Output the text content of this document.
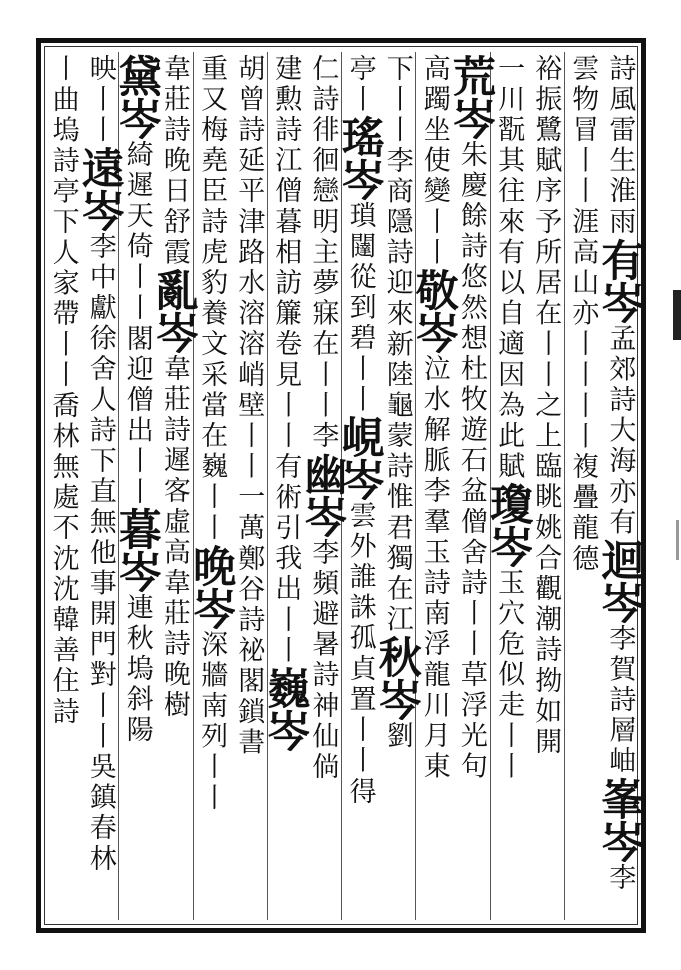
詩風雷生淮雨
有岑
孟郊詩大海亦有
迴岑
李賀詩層岫
峯岑
李
雲物冒丨丨
涯高山亦丨丨
丨丨複疊龍
德
裕振鷺賦序予所居在丨丨之上臨
眺
姚合觀潮詩拗如開
一川翫其往來有以自適因為此賦
瓊岑
玉穴危似走丨丨
荒岑
朱慶餘詩悠然想
杜牧遊石盆僧舍詩丨丨草浮光句
高躅坐使變丨丨
敬岑
泣水解脈李羣玉詩南浮龍川月東
下丨丨
李商隱詩迎來新
陸龜蒙詩惟君獨在江
秋岑
劉
亭丨
瑤岑
瑣闥從到碧丨丨
峴岑
雲外誰誅孤貞置丨丨
得
仁詩徘徊戀明主夢寐在丨丨李
幽岑
李頻避暑詩神仙倘
建勲詩江僧暮相訪簾卷見丨丨
有術引我出丨丨
巍岑
胡曾詩延平津路水溶溶峭壁丨丨一萬
鄭谷詩祕閣鎖書
重又梅堯臣詩虎豹養文采當在巍丨丨
晚岑
深牆南列丨丨
韋莊詩晚日舒霞
亂岑
韋莊詩遲客虛高
韋莊詩晚樹
黛岑
綺遲天倚丨丨
閣迎僧出丨丨
暮岑
連秋塢斜陽
映丨丨
遠岑
李中獻徐舍人詩下直無他事開門對丨丨吳鎮春林
丨
曲塢詩亭下人家帶丨丨喬林無處不沈沈韓善住詩
